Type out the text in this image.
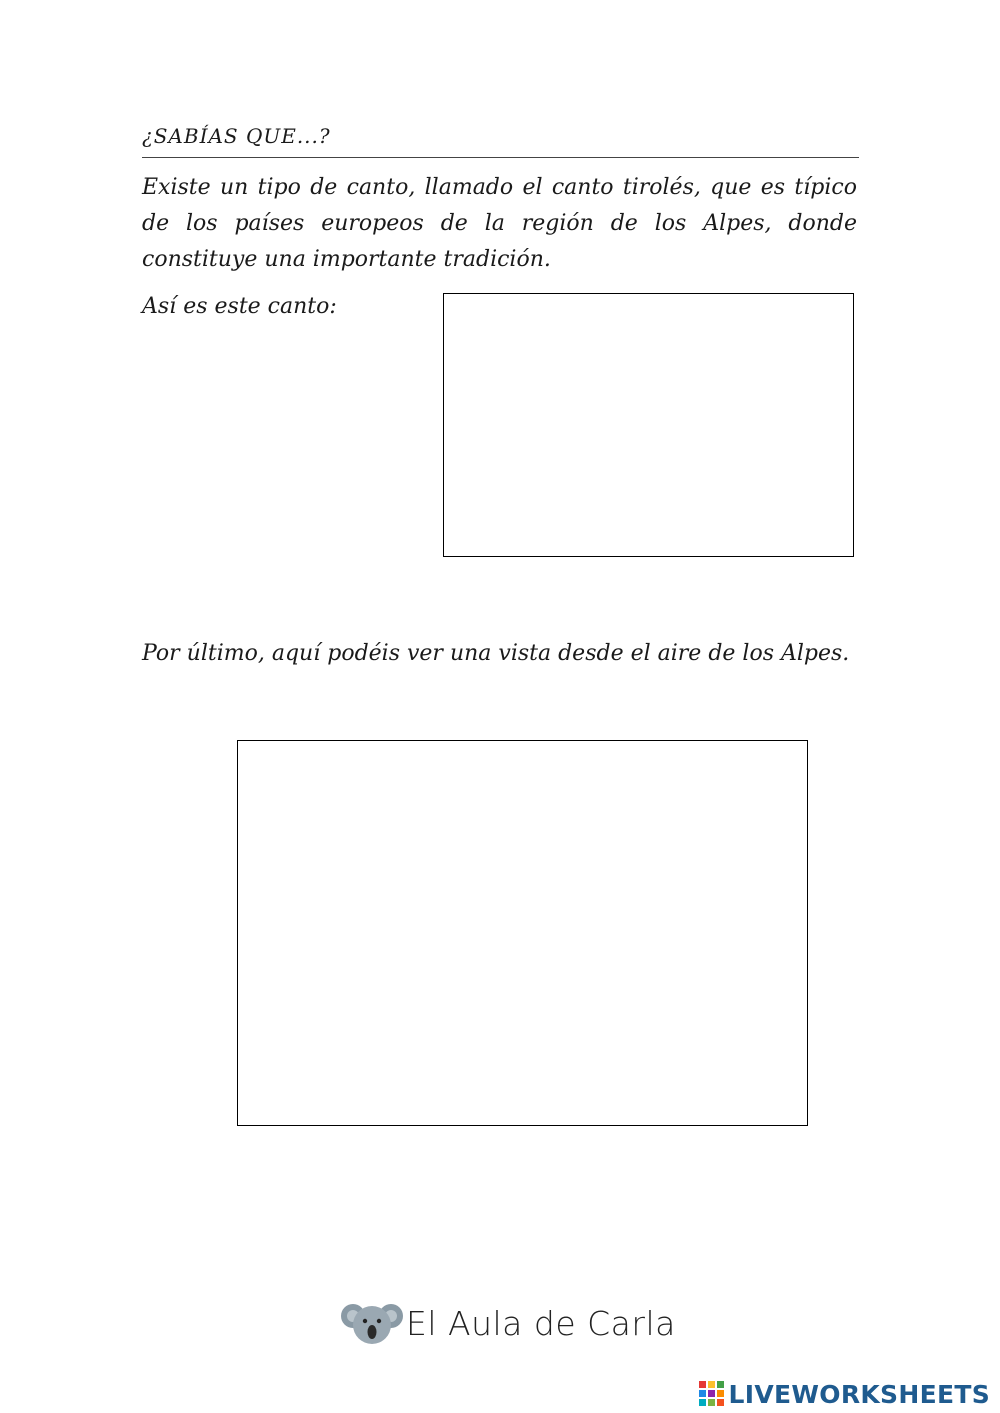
¿SABÍAS QUE...?

Existe un tipo de canto, llamado el canto tirolés, que es típico de los países europeos de la región de los Alpes, donde constituye una importante tradición.

Así es este canto:
Por último, aquí podéis ver una vista desde el aire de los Alpes.
El Aula de Carla
LIVEWORKSHEETS
